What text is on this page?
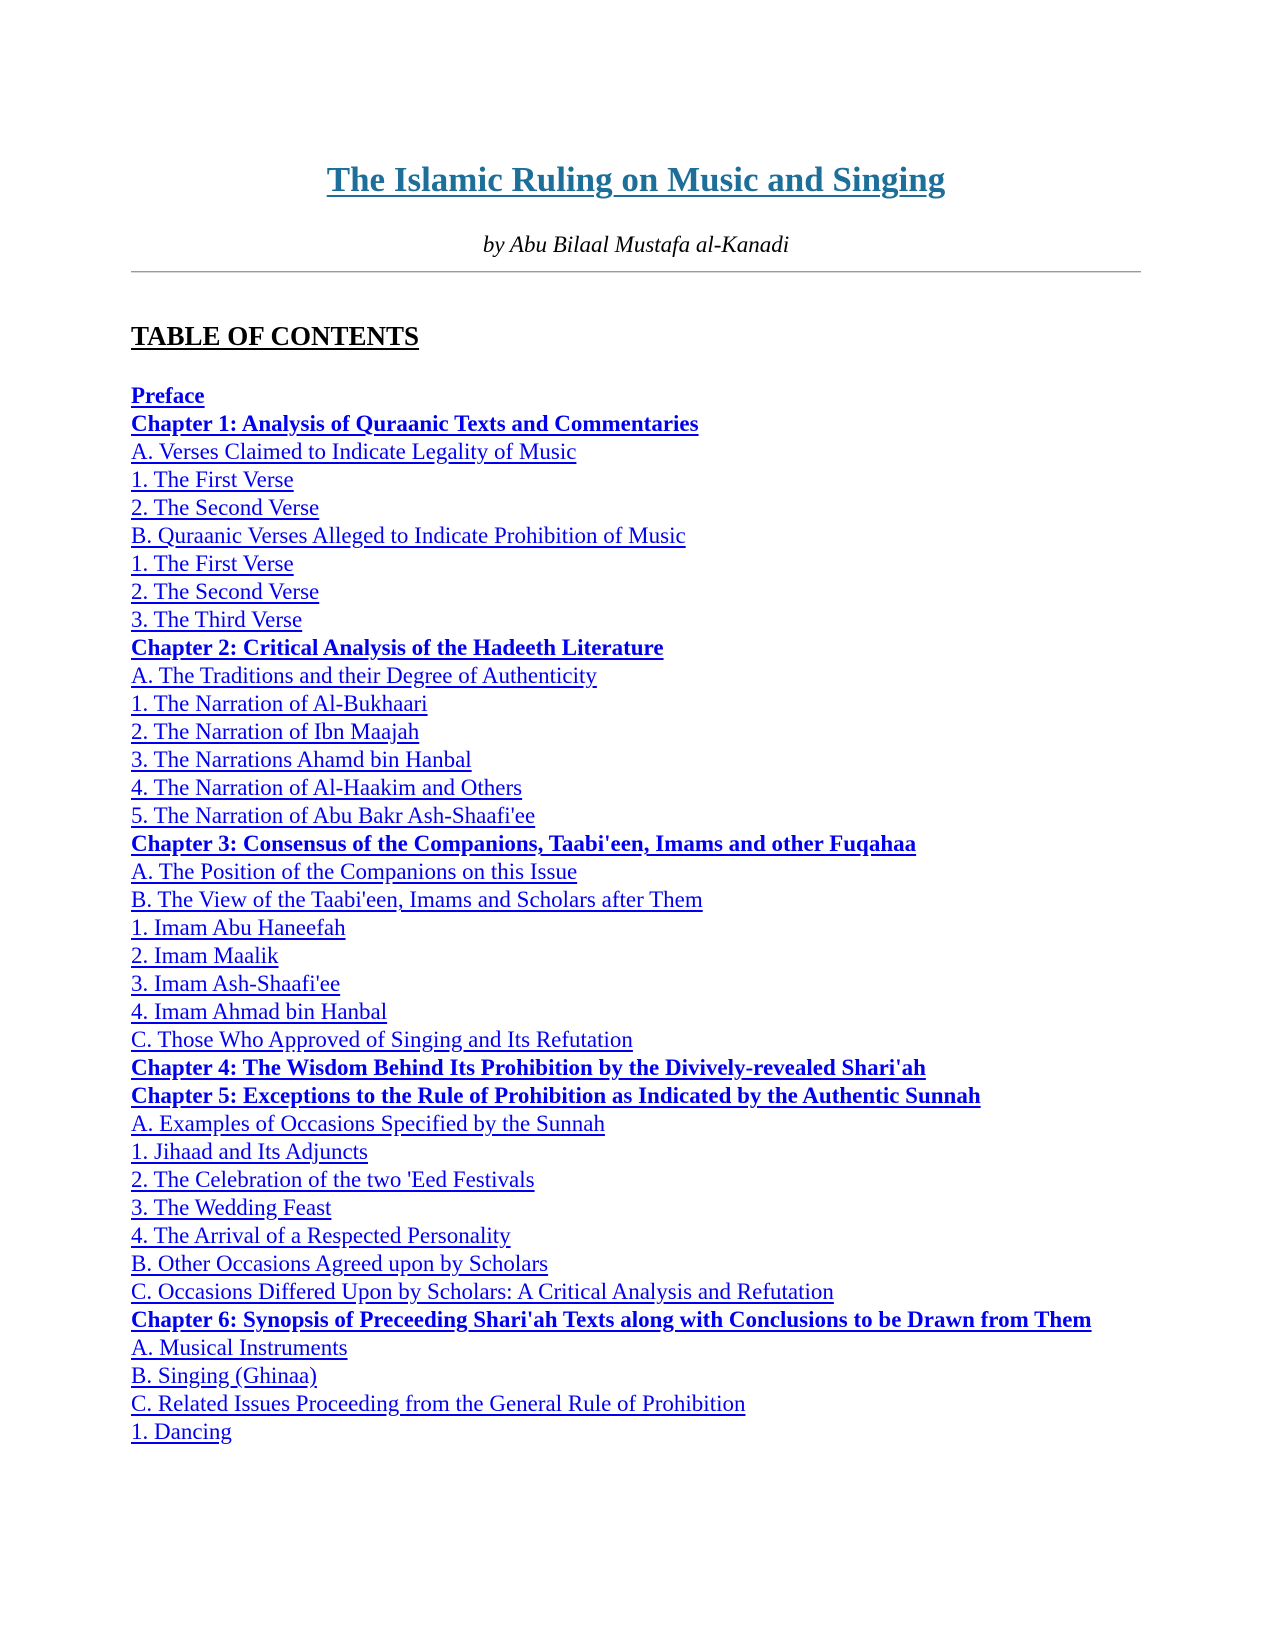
The Islamic Ruling on Music and Singing
by Abu Bilaal Mustafa al-Kanadi
TABLE OF CONTENTS
Preface
Chapter 1: Analysis of Quraanic Texts and Commentaries
A. Verses Claimed to Indicate Legality of Music
1. The First Verse
2. The Second Verse
B. Quraanic Verses Alleged to Indicate Prohibition of Music
1. The First Verse
2. The Second Verse
3. The Third Verse
Chapter 2: Critical Analysis of the Hadeeth Literature
A. The Traditions and their Degree of Authenticity
1. The Narration of Al-Bukhaari
2. The Narration of Ibn Maajah
3. The Narrations Ahamd bin Hanbal
4. The Narration of Al-Haakim and Others
5. The Narration of Abu Bakr Ash-Shaafi'ee
Chapter 3: Consensus of the Companions, Taabi'een, Imams and other Fuqahaa
A. The Position of the Companions on this Issue
B. The View of the Taabi'een, Imams and Scholars after Them
1. Imam Abu Haneefah
2. Imam Maalik
3. Imam Ash-Shaafi'ee
4. Imam Ahmad bin Hanbal
C. Those Who Approved of Singing and Its Refutation
Chapter 4: The Wisdom Behind Its Prohibition by the Divively-revealed Shari'ah
Chapter 5: Exceptions to the Rule of Prohibition as Indicated by the Authentic Sunnah
A. Examples of Occasions Specified by the Sunnah
1. Jihaad and Its Adjuncts
2. The Celebration of the two 'Eed Festivals
3. The Wedding Feast
4. The Arrival of a Respected Personality
B. Other Occasions Agreed upon by Scholars
C. Occasions Differed Upon by Scholars: A Critical Analysis and Refutation
Chapter 6: Synopsis of Preceeding Shari'ah Texts along with Conclusions to be Drawn from Them
A. Musical Instruments
B. Singing (Ghinaa)
C. Related Issues Proceeding from the General Rule of Prohibition
1. Dancing
